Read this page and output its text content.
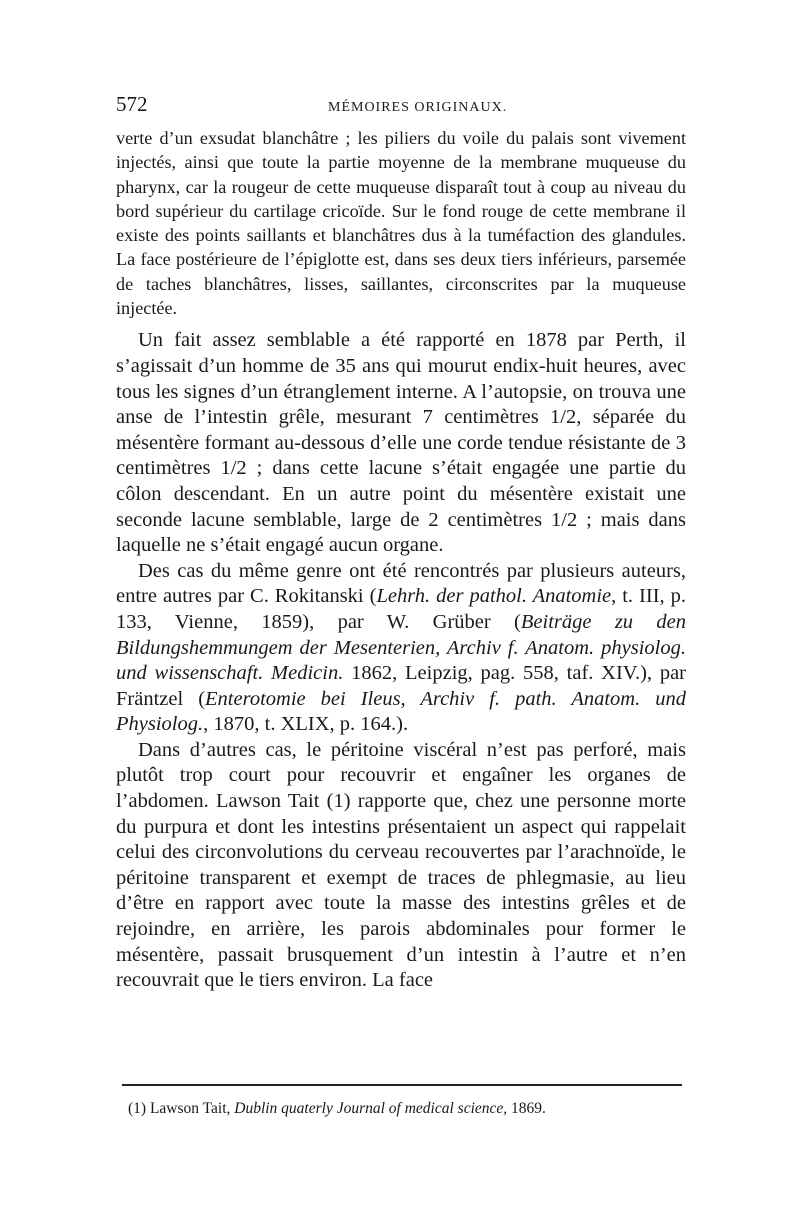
572	MÉMOIRES ORIGINAUX.

verte d’un exsudat blanchâtre ; les piliers du voile du palais sont vivement injectés, ainsi que toute la partie moyenne de la membrane muqueuse du pharynx, car la rougeur de cette muqueuse disparaît tout à coup au niveau du bord supérieur du cartilage cricoïde. Sur le fond rouge de cette membrane il existe des points saillants et blanchâtres dus à la tuméfaction des glandules. La face postérieure de l’épiglotte est, dans ses deux tiers inférieurs, parsemée de taches blanchâtres, lisses, saillantes, circonscrites par la muqueuse injectée.

Un fait assez semblable a été rapporté en 1878 par Perth, il s’agissait d’un homme de 35 ans qui mourut endix-huit heures, avec tous les signes d’un étranglement interne. A l’autopsie, on trouva une anse de l’intestin grêle, mesurant 7 centimètres 1/2, séparée du mésentère formant au-dessous d’elle une corde tendue résistante de 3 centimètres 1/2 ; dans cette lacune s’était engagée une partie du côlon descendant. En un autre point du mésentère existait une seconde lacune semblable, large de 2 centimètres 1/2 ; mais dans laquelle ne s’était engagé aucun organe.

Des cas du même genre ont été rencontrés par plusieurs auteurs, entre autres par C. Rokitanski (Lehrh. der pathol. Anatomie, t. III, p. 133, Vienne, 1859), par W. Grüber (Beiträge zu den Bildungshemmungem der Mesenterien, Archiv f. Anatom. physiolog. und wissenschaft. Medicin. 1862, Leipzig, pag. 558, taf. XIV.), par Fräntzel (Enterotomie bei Ileus, Archiv f. path. Anatom. und Physiolog., 1870, t. XLIX, p. 164.).

Dans d’autres cas, le péritoine viscéral n’est pas perforé, mais plutôt trop court pour recouvrir et engaîner les organes de l’abdomen. Lawson Tait (1) rapporte que, chez une personne morte du purpura et dont les intestins présentaient un aspect qui rappelait celui des circonvolutions du cerveau recouvertes par l’arachnoïde, le péritoine transparent et exempt de traces de phlegmasie, au lieu d’être en rapport avec toute la masse des intestins grêles et de rejoindre, en arrière, les parois abdominales pour former le mésentère, passait brusquement d’un intestin à l’autre et n’en recouvrait que le tiers environ. La face

(1) Lawson Tait, Dublin quaterly Journal of medical science, 1869.
